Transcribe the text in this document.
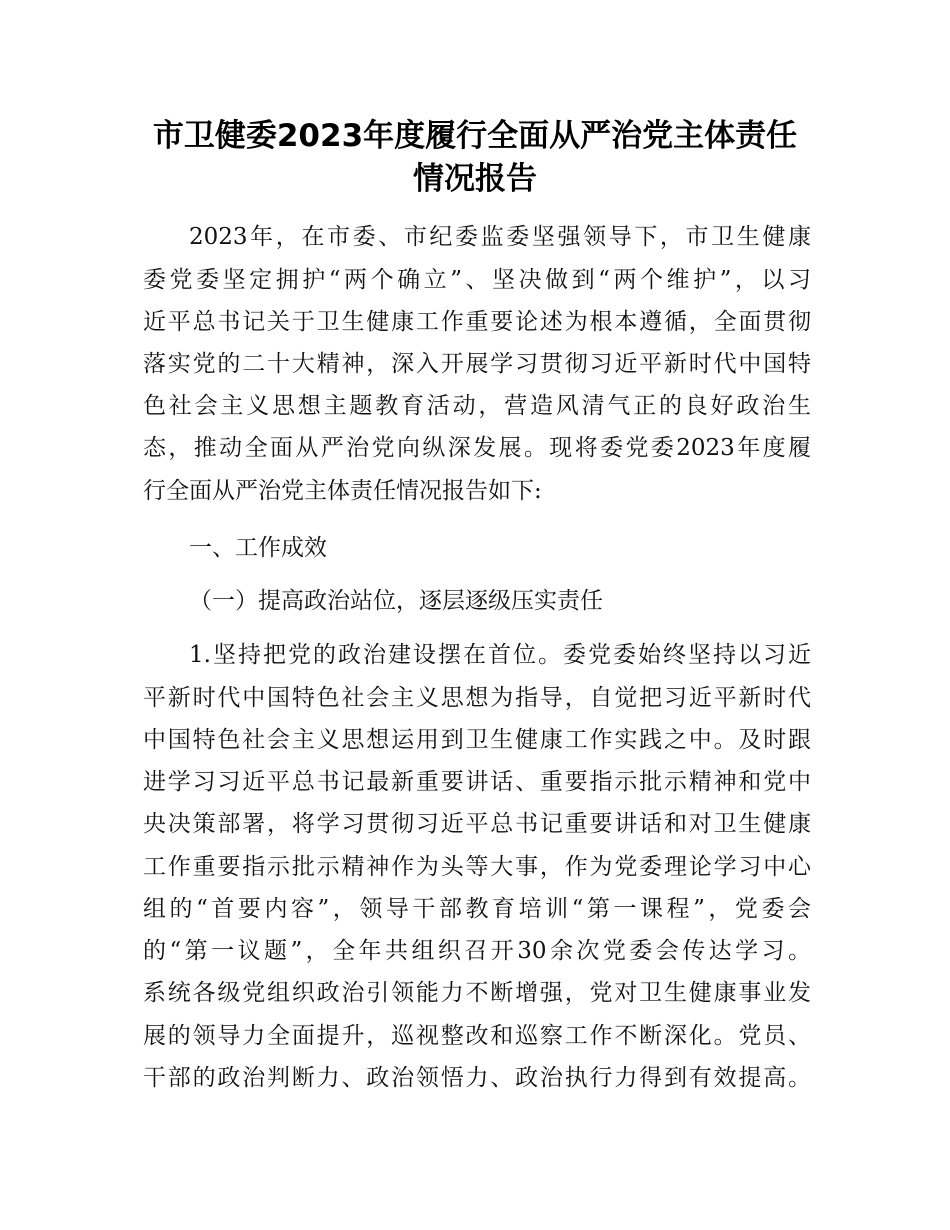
市卫健委2023年度履行全面从严治党主体责任
情况报告
2023年，在市委、市纪委监委坚强领导下，市卫生健康
委党委坚定拥护“两个确立”、坚决做到“两个维护”，以习
近平总书记关于卫生健康工作重要论述为根本遵循，全面贯彻
落实党的二十大精神，深入开展学习贯彻习近平新时代中国特
色社会主义思想主题教育活动，营造风清气正的良好政治生
态，推动全面从严治党向纵深发展。现将委党委2023年度履
行全面从严治党主体责任情况报告如下:
一、工作成效
（一）提高政治站位，逐层逐级压实责任
1.坚持把党的政治建设摆在首位。委党委始终坚持以习近
平新时代中国特色社会主义思想为指导，自觉把习近平新时代
中国特色社会主义思想运用到卫生健康工作实践之中。及时跟
进学习习近平总书记最新重要讲话、重要指示批示精神和党中
央决策部署，将学习贯彻习近平总书记重要讲话和对卫生健康
工作重要指示批示精神作为头等大事，作为党委理论学习中心
组的“首要内容”，领导干部教育培训“第一课程”，党委会
的“第一议题”，全年共组织召开30余次党委会传达学习。
系统各级党组织政治引领能力不断增强，党对卫生健康事业发
展的领导力全面提升，巡视整改和巡察工作不断深化。党员、
干部的政治判断力、政治领悟力、政治执行力得到有效提高。
